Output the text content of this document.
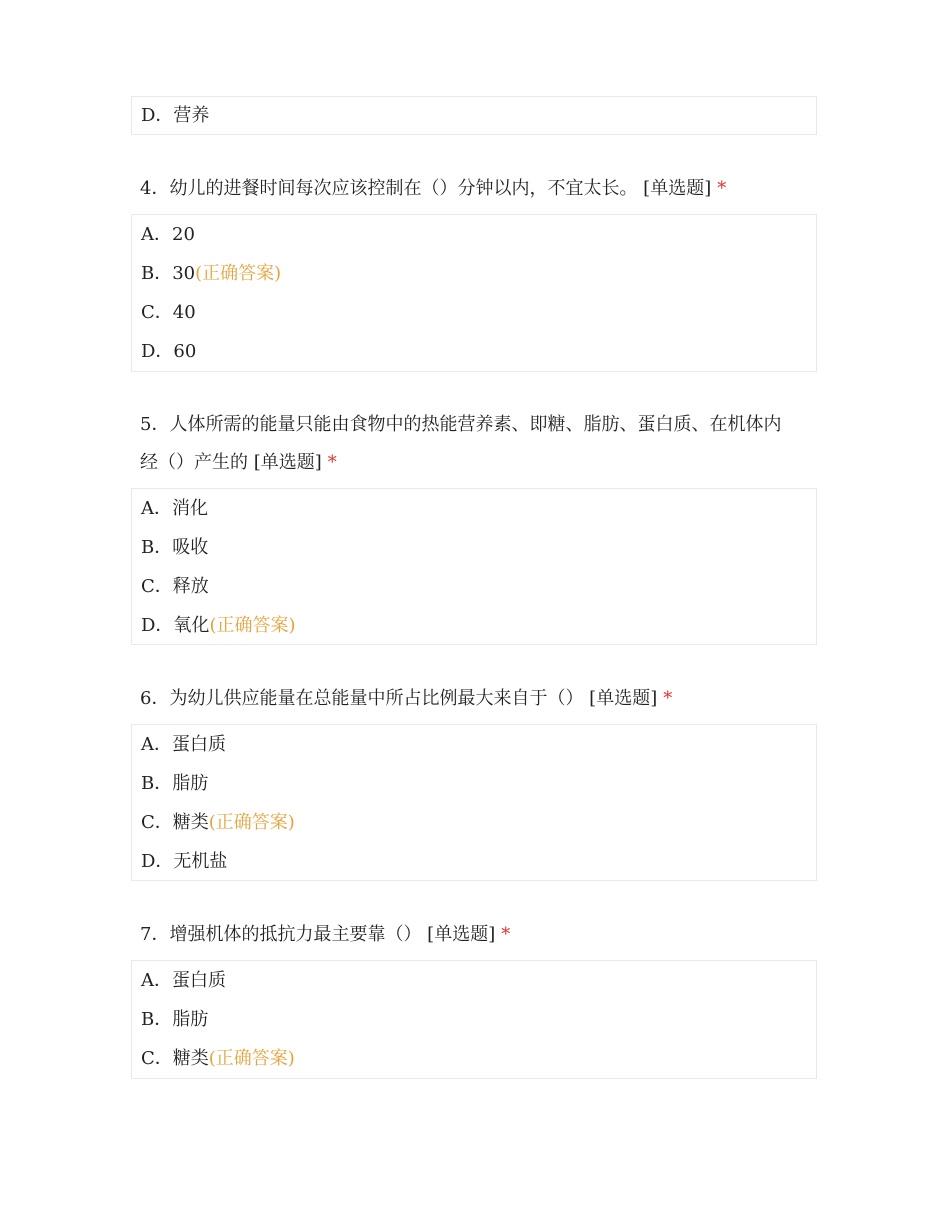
D．营养
4．幼儿的进餐时间每次应该控制在（）分钟以内，不宜太长。 [单选题] *
A．20
B．30(正确答案)
C．40
D．60
5．人体所需的能量只能由食物中的热能营养素、即糖、脂肪、蛋白质、在机体内
经（）产生的 [单选题] *
A．消化
B．吸收
C．释放
D．氧化(正确答案)
6．为幼儿供应能量在总能量中所占比例最大来自于（） [单选题] *
A．蛋白质
B．脂肪
C．糖类(正确答案)
D．无机盐
7．增强机体的抵抗力最主要靠（） [单选题] *
A．蛋白质
B．脂肪
C．糖类(正确答案)
